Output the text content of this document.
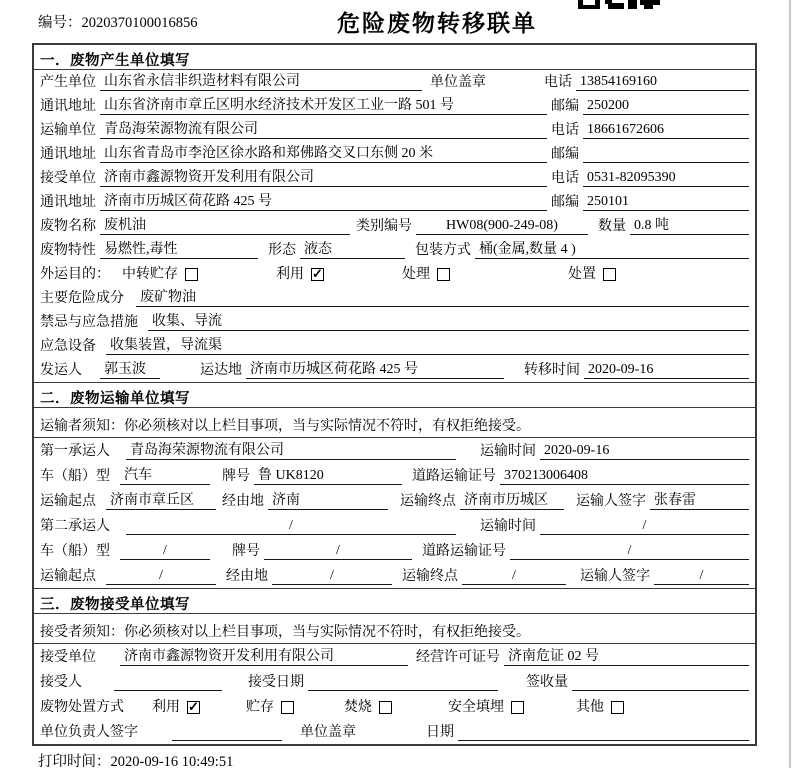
编号：2020370100016856	危险废物转移联单
一．废物产生单位填写
产生单位 山东省永信非织造材料有限公司	单位盖章	电话 13854169160
通讯地址 山东省济南市章丘区明水经济技术开发区工业一路 501 号	邮编 250200
运输单位 青岛海荣源物流有限公司	电话 18661672606
通讯地址 山东省青岛市李沧区徐水路和郑佛路交叉口东侧 20 米	邮编
接受单位 济南市鑫源物资开发利用有限公司	电话 0531-82095390
通讯地址 济南市历城区荷花路 425 号	邮编 250101
废物名称 废机油	类别编号	HW08(900-249-08)	数量 0.8 吨
废物特性 易燃性,毒性	形态 液态	包装方式 桶(金属,数量 4 )
外运目的： 中转贮存	利用 ✓	处理	处置
主要危险成分 废矿物油
禁忌与应急措施 收集、导流
应急设备 收集装置，导流渠
发运人 郭玉波	运达地 济南市历城区荷花路 425 号	转移时间 2020-09-16
二．废物运输单位填写
运输者须知：你必须核对以上栏目事项，当与实际情况不符时，有权拒绝接受。
第一承运人 青岛海荣源物流有限公司	运输时间 2020-09-16
车（船）型 汽车	牌号 鲁 UK8120	道路运输证号 370213006408
运输起点 济南市章丘区	经由地 济南	运输终点 济南市历城区	运输人签字 张春雷
第二承运人	/	运输时间	/
车（船）型	/	牌号	/	道路运输证号	/
运输起点	/	经由地	/	运输终点	/	运输人签字	/
三．废物接受单位填写
接受者须知：你必须核对以上栏目事项，当与实际情况不符时，有权拒绝接受。
接受单位 济南市鑫源物资开发利用有限公司	经营许可证号 济南危证 02 号
接受人	接受日期	签收量
废物处置方式 利用 ✓	贮存	焚烧	安全填埋	其他
单位负责人签字	单位盖章	日期
打印时间：2020-09-16 10:49:51
